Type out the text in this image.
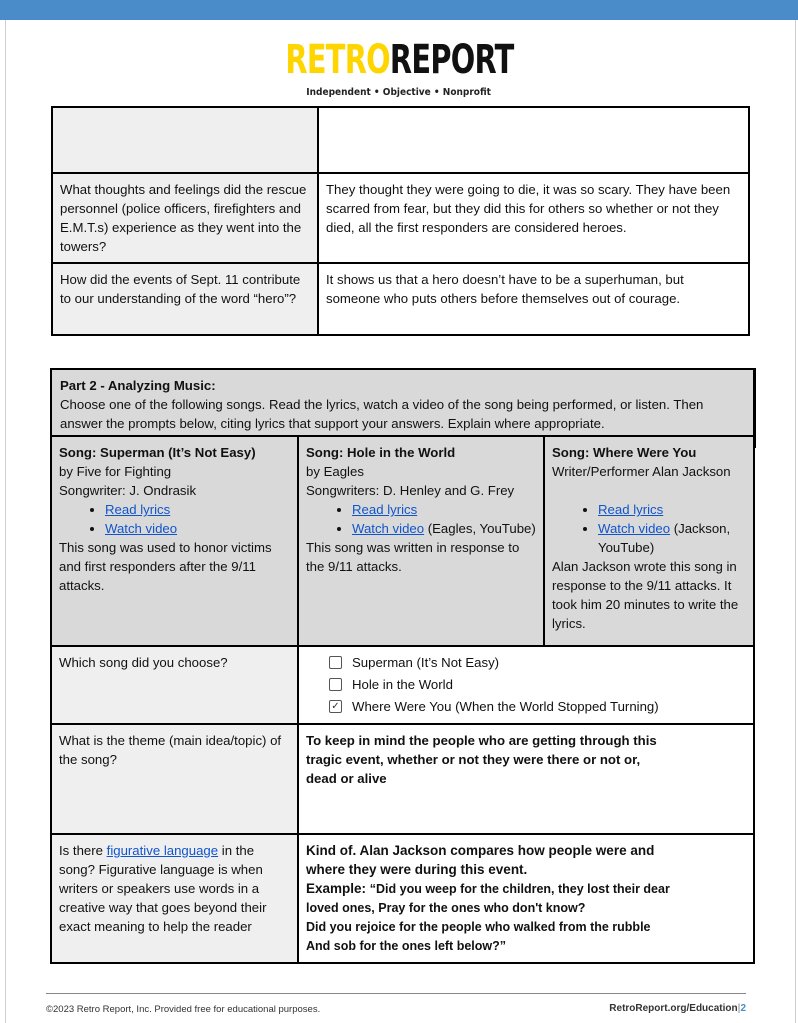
RETROREPORT
Independent • Objective • Nonprofit

What thoughts and feelings did the rescue personnel (police officers, firefighters and E.M.T.s) experience as they went into the towers?	They thought they were going to die, it was so scary. They have been scarred from fear, but they did this for others so whether or not they died, all the first responders are considered heroes.
How did the events of Sept. 11 contribute to our understanding of the word “hero”?	It shows us that a hero doesn’t have to be a superhuman, but someone who puts others before themselves out of courage.
Part 2 - Analyzing Music:
Choose one of the following songs. Read the lyrics, watch a video of the song being performed, or listen. Then answer the prompts below, citing lyrics that support your answers. Explain where appropriate.
Song: Superman (It’s Not Easy)
by Five for Fighting
Songwriter: J. Ondrasik
• Read lyrics
• Watch video
This song was used to honor victims and first responders after the 9/11 attacks.

Song: Hole in the World
by Eagles
Songwriters: D. Henley and G. Frey
• Read lyrics
• Watch video (Eagles, YouTube)
This song was written in response to the 9/11 attacks.

Song: Where Were You
Writer/Performer Alan Jackson
• Read lyrics
• Watch video (Jackson, YouTube)
Alan Jackson wrote this song in response to the 9/11 attacks. It took him 20 minutes to write the lyrics.

Which song did you choose?	Superman (It’s Not Easy)
Hole in the World
✓ Where Were You (When the World Stopped Turning)	

What is the theme (main idea/topic) of the song?	To keep in mind the people who are getting through this tragic event, whether or not they were there or not or, dead or alive	
Is there figurative language in the song? Figurative language is when writers or speakers use words in a creative way that goes beyond their exact meaning to help the reader	Kind of. Alan Jackson compares how people were and where they were during this event.
Example: “Did you weep for the children, they lost their dear loved ones, Pray for the ones who don't know?
Did you rejoice for the people who walked from the rubble
And sob for the ones left below?”	
©2023 Retro Report, Inc. Provided free for educational purposes.	RetroReport.org/Education|2
